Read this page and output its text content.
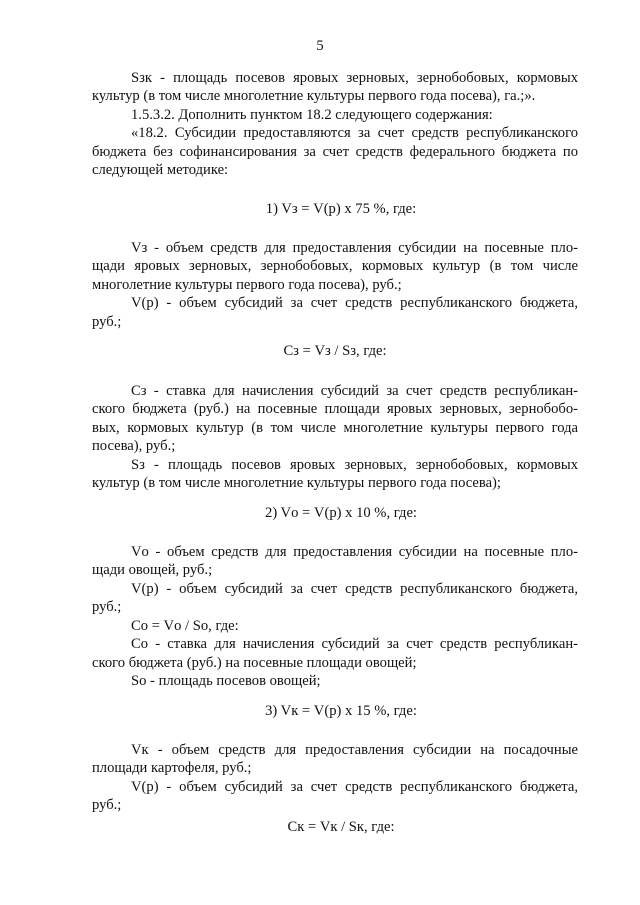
5
Sзк - площадь посевов яровых зерновых, зернобобовых, кормовых
культур (в том числе многолетние культуры первого года посева), га.;».
1.5.3.2. Дополнить пунктом 18.2 следующего содержания:
«18.2. Субсидии предоставляются за счет средств республиканского
бюджета без софинансирования за счет средств федерального бюджета по
следующей методике:
1) Vз = V(р) х 75 %, где:
Vз - объем средств для предоставления субсидии на посевные пло-
щади яровых зерновых, зернобобовых, кормовых культур (в том числе
многолетние культуры первого года посева), руб.;
V(р) - объем субсидий за счет средств республиканского бюджета,
руб.;
Сз = Vз / Sз, где:
Сз - ставка для начисления субсидий за счет средств республикан-
ского бюджета (руб.) на посевные площади яровых зерновых, зернобобо-
вых, кормовых культур (в том числе многолетние культуры первого года
посева), руб.;
Sз - площадь посевов яровых зерновых, зернобобовых, кормовых
культур (в том числе многолетние культуры первого года посева);
2) Vо = V(р) х 10 %, где:
Vо - объем средств для предоставления субсидии на посевные пло-
щади овощей, руб.;
V(р) - объем субсидий за счет средств республиканского бюджета,
руб.;
Со = Vо / Sо, где:
Со - ставка для начисления субсидий за счет средств республикан-
ского бюджета (руб.) на посевные площади овощей;
Sо - площадь посевов овощей;
3) Vк = V(р) х 15 %, где:
Vк - объем средств для предоставления субсидии на посадочные
площади картофеля, руб.;
V(р) - объем субсидий за счет средств республиканского бюджета,
руб.;
Ск = Vк / Sк, где:
